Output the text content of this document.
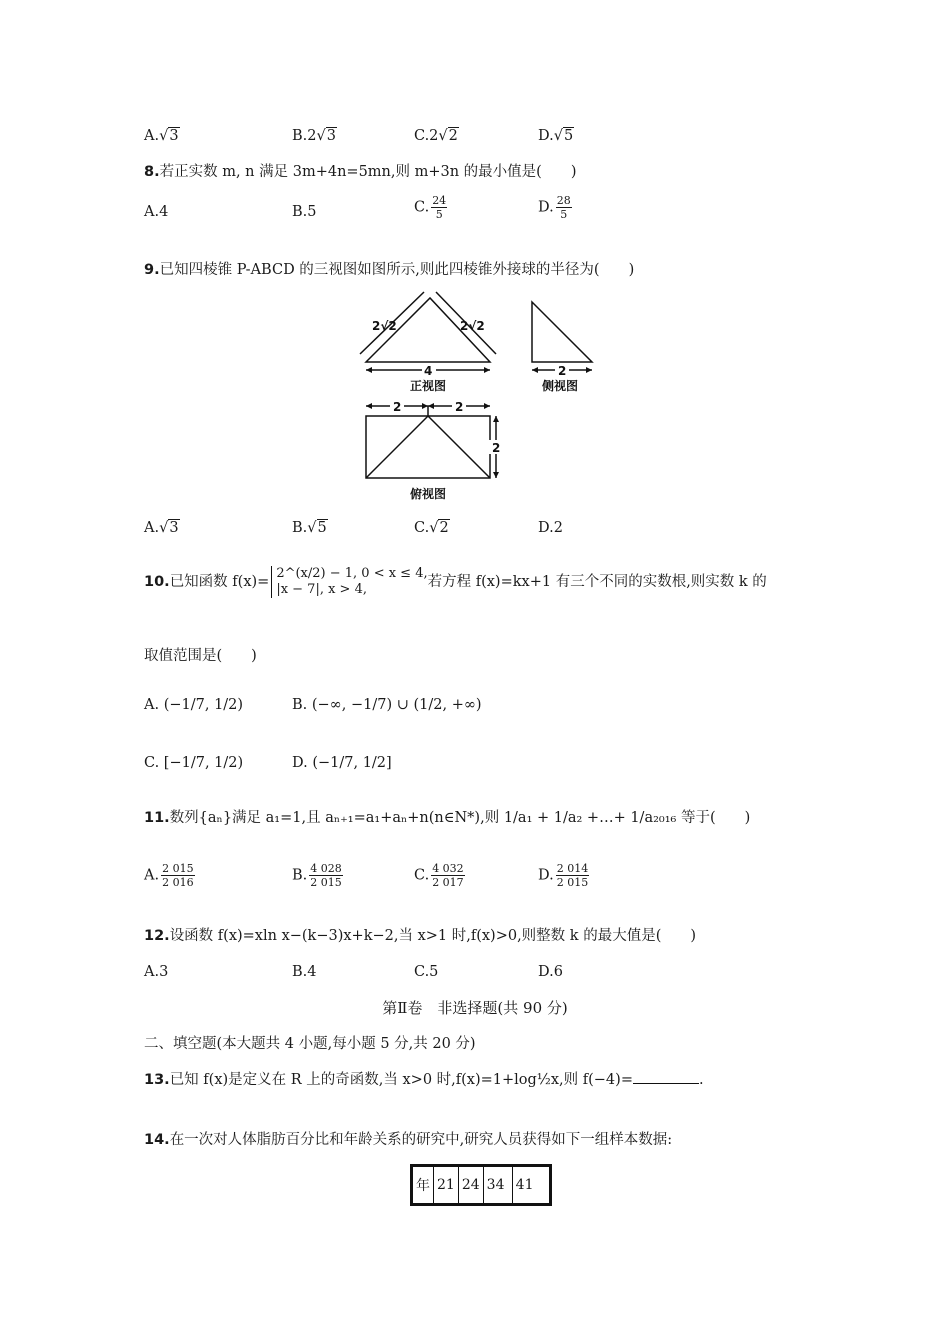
A.√3	B.2√3	C.2√2	D.√5
8.若正实数 m, n 满足 3m+4n=5mn,则 m+3n 的最小值是(　　)
A.4	B.5	C. $\frac{24}{5}$	D. $\frac{28}{5}$
9.已知四棱锥 P-ABCD 的三视图如图所示,则此四棱锥外接球的半径为(　　)
2√2	2√2
4
正视图
2
侧视图
2	2
2
俯视图
A.√3	B.√5	C.√2	D.2
10.已知函数 f(x)=
2^(x/2) − 1, 0 < x ≤ 4,
|x − 7|, x > 4,	若方程 f(x)=kx+1 有三个不同的实数根,则实数 k 的
取值范围是(　　)
A. (−1/7, 1/2)	B. (−∞, −1/7) ∪ (1/2, +∞)
C. [−1/7, 1/2)	D. (−1/7, 1/2]
11.数列{aₙ}满足 a₁=1,且 aₙ₊₁=a₁+aₙ+n(n∈N*),则 1/a₁ + 1/a₂ +…+ 1/a₂₀₁₆ 等于(　　)
A. $\frac{2 015}{2 016}$	B. $\frac{4 028}{2 015}$	C. $\frac{4 032}{2 017}$	D. $\frac{2 014}{2 015}$
12.设函数 f(x)=xln x−(k−3)x+k−2,当 x>1 时,f(x)>0,则整数 k 的最大值是(　　)
A.3	B.4	C.5	D.6
第Ⅱ卷　非选择题(共 90 分)
二、填空题(本大题共 4 小题,每小题 5 分,共 20 分)
13.已知 f(x)是定义在 R 上的奇函数,当 x>0 时,f(x)=1+log½x,则 f(−4)=	.
14.在一次对人体脂肪百分比和年龄关系的研究中,研究人员获得如下一组样本数据:
年	21	24	34	41
